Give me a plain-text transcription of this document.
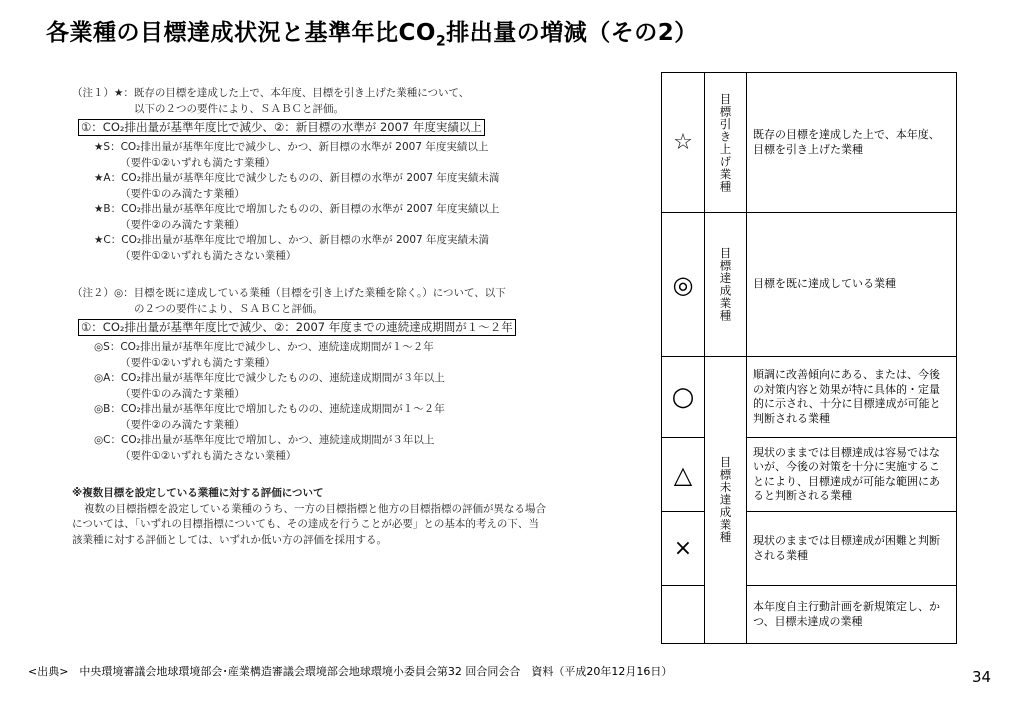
各業種の目標達成状況と基準年比$CO_2$排出量の増減（その2）
（注１）★：既存の目標を達成した上で、本年度、目標を引き上げた業種について、
以下の２つの要件により、ＳＡＢＣと評価。
①：CO₂排出量が基準年度比で減少、②：新目標の水準が 2007 年度実績以上
★S：CO₂排出量が基準年度比で減少し、かつ、新目標の水準が 2007 年度実績以上
（要件①②いずれも満たす業種）
★A：CO₂排出量が基準年度比で減少したものの、新目標の水準が 2007 年度実績未満
（要件①のみ満たす業種）
★B：CO₂排出量が基準年度比で増加したものの、新目標の水準が 2007 年度実績以上
（要件②のみ満たす業種）
★C：CO₂排出量が基準年度比で増加し、かつ、新目標の水準が 2007 年度実績未満
（要件①②いずれも満たさない業種）
（注２）◎：目標を既に達成している業種（目標を引き上げた業種を除く。）について、以下
の２つの要件により、ＳＡＢＣと評価。
①：CO₂排出量が基準年度比で減少、②：2007 年度までの連続達成期間が１～２年
◎S：CO₂排出量が基準年度比で減少し、かつ、連続達成期間が１～２年
（要件①②いずれも満たす業種）
◎A：CO₂排出量が基準年度比で減少したものの、連続達成期間が３年以上
（要件①のみ満たす業種）
◎B：CO₂排出量が基準年度比で増加したものの、連続達成期間が１～２年
（要件②のみ満たす業種）
◎C：CO₂排出量が基準年度比で増加し、かつ、連続達成期間が３年以上
（要件①②いずれも満たさない業種）
※複数目標を設定している業種に対する評価について
複数の目標指標を設定している業種のうち、一方の目標指標と他方の目標指標の評価が異なる場合
については、「いずれの目標指標についても、その達成を行うことが必要」との基本的考えの下、当
該業種に対する評価としては、いずれか低い方の評価を採用する。
☆
◎
○
△
×
目標引き上げ業種
目標達成業種
目標未達成業種
既存の目標を達成した上で、本年度、目標を引き上げた業種
目標を既に達成している業種
順調に改善傾向にある、または、今後の対策内容と効果が特に具体的・定量的に示され、十分に目標達成が可能と判断される業種
現状のままでは目標達成は容易ではないが、今後の対策を十分に実施することにより、目標達成が可能な範囲にあると判断される業種
現状のままでは目標達成が困難と判断される業種
本年度自主行動計画を新規策定し、かつ、目標未達成の業種
<出典>　中央環境審議会地球環境部会･産業構造審議会環境部会地球環境小委員会第32 回合同会合　資料（平成20年12月16日）	34
